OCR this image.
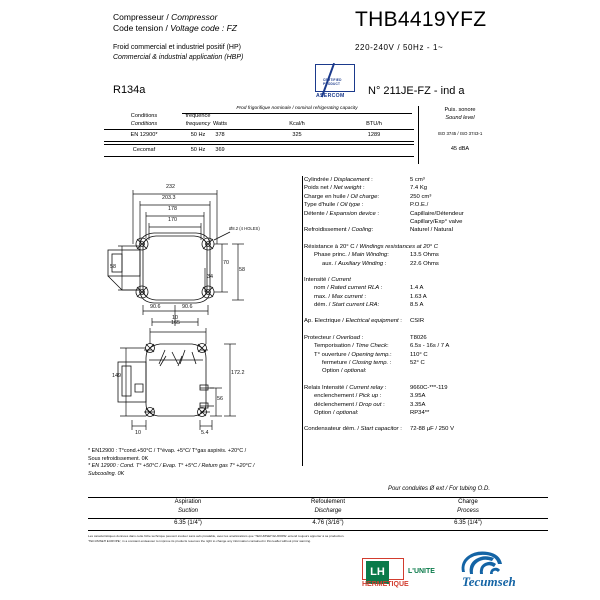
Compresseur / Compressor
Code tension / Voltage code : FZ
Froid commercial et industriel positif (HP)
Commercial & industrial application (HBP)
R134a
THB4419YFZ
220-240V / 50Hz - 1~
CERTIFIED
PRODUCT
ASERCOM N° 211JE-FZ - ind a
Prod frigorifique nominale / nominal refrigerating capacity
Conditions
Conditions
fréquence
frequency Watts	Kcal/h	BTU/h
EN 12900*	50 Hz	378	325	1289
Cecomaf	50 Hz	369
Puis. sonore
Sound level
ISO 3745 / ISO 3743-1
45 dBA
232
203.3
178
170
Ø8.2 (4 HOLES)
58
70
34
58
90.6	90.6
10
165
149	172.2
56
10	5.4
Cylindrée / Displacement :	5 cm³
Poids net / Net weight :	7.4 Kg
Charge en huile / Oil charge:	250 cm³
Type d'huile / Oil type :	P.O.E./
Détente / Expansion device :	Capillaire/Détendeur
Capillary/Exp° valve
Refroidissement / Cooling:	Naturel / Natural
Résistance à 20° C / Windings resistances at 20° C
Phase princ. / Main Winding:	13.5 Ohms
aux. / Auxiliary Winding :	22.6 Ohms
Intensité / Current
nom / Rated current RLA :	1.4 A
max. / Max current :	1.63 A
dém. / Start current LRA:	8.5 A
Ap. Electrique / Electrical equipment : CSIR
Protecteur / Overload :	T8026
Temporisation / Time Check:	6.5s - 16s / 7 A
T° ouverture / Opening temp.:	110° C
fermeture / Closing temp. :	52° C
Option / optional:
Relais Intensité / Current relay :	9660C-***-119
enclenchement / Pick up :	3.95A
déclenchement / Drop out :	3.35A
Option / optional:	RP34**
Condensateur dém. / Start capacitor : 72-88 µF / 250 V
* EN12900 : T°cond.+50°C / T°évap. +5°C/ T°gas aspirés. +20°C /
Sous refroidissement. 0K
* EN 12900 : Cond. T° +50°C / Evap. T° +5°C / Return gas T° +20°C /
Subcooling. 0K
Pour conduites Ø ext / For tubing O.D.
Aspiration
Suction
Refoulement
Discharge
Charge
Process
6.35 (1/4")	4.76 (3/16")	6.35 (1/4")
Les caractéristiques données dans cette fiche technique peuvent évoluer sans avis préalable, avec les améliorations que 'TECUMSEH EUROPE' entend toujours apporter à sa production.
'TECUMSEH EUROPE', in a constant endeavour to improve its products reserves the right to change any information contained in this leaflet without prior warning.
LH	L'UNITE
HERMETIQUE	Tecumseh
